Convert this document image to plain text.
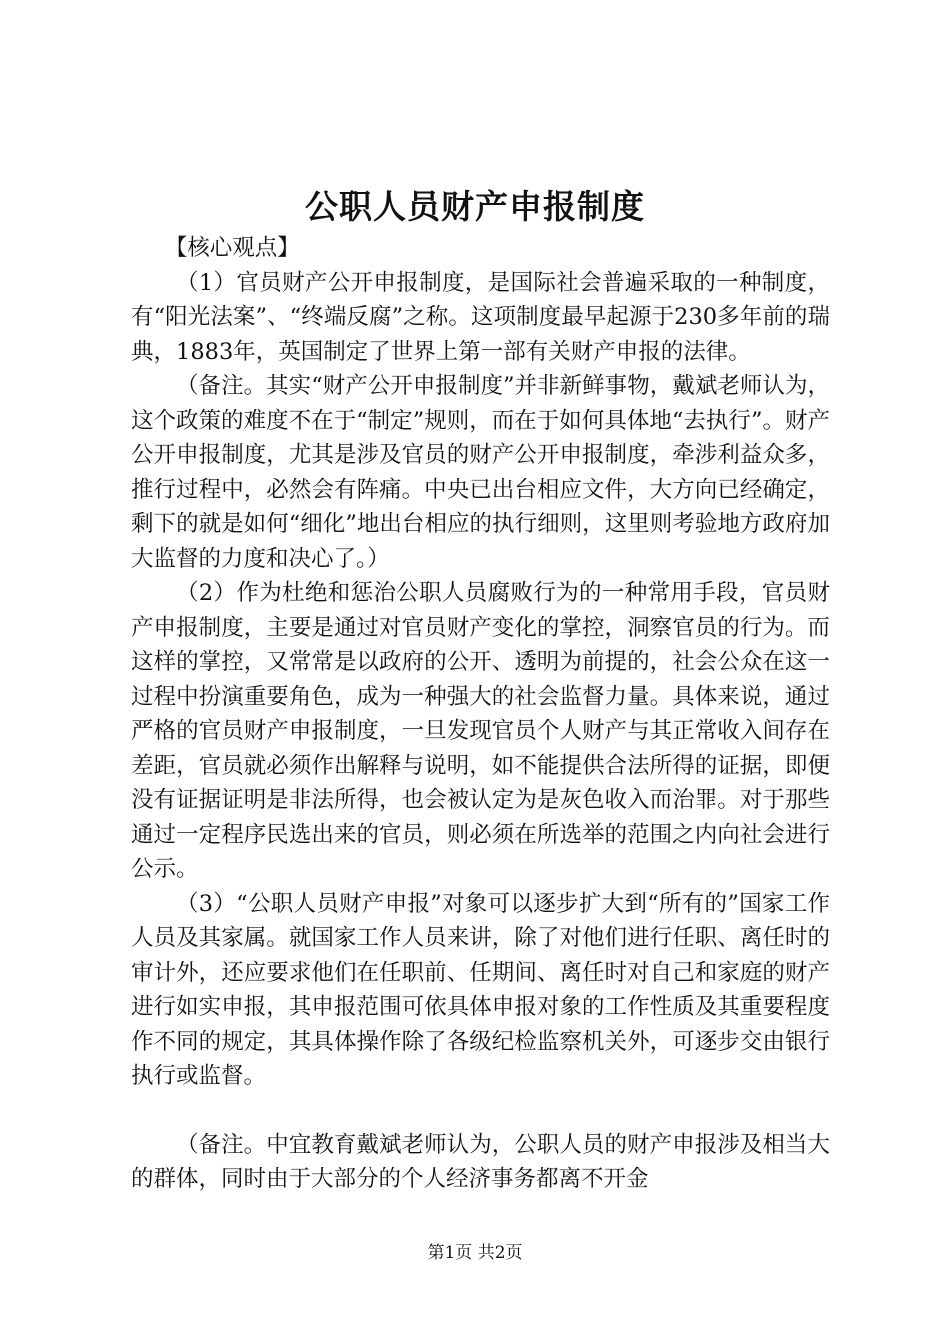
公职人员财产申报制度

【核心观点】

（1）官员财产公开申报制度，是国际社会普遍采取的一种制度，有“阳光法案”、“终端反腐”之称。这项制度最早起源于230多年前的瑞典，1883年，英国制定了世界上第一部有关财产申报的法律。

（备注。其实“财产公开申报制度”并非新鲜事物，戴斌老师认为，这个政策的难度不在于“制定”规则，而在于如何具体地“去执行”。财产公开申报制度，尤其是涉及官员的财产公开申报制度，牵涉利益众多，推行过程中，必然会有阵痛。中央已出台相应文件，大方向已经确定，剩下的就是如何“细化”地出台相应的执行细则，这里则考验地方政府加大监督的力度和决心了。）

（2）作为杜绝和惩治公职人员腐败行为的一种常用手段，官员财产申报制度，主要是通过对官员财产变化的掌控，洞察官员的行为。而这样的掌控，又常常是以政府的公开、透明为前提的，社会公众在这一过程中扮演重要角色，成为一种强大的社会监督力量。具体来说，通过严格的官员财产申报制度，一旦发现官员个人财产与其正常收入间存在差距，官员就必须作出解释与说明，如不能提供合法所得的证据，即便没有证据证明是非法所得，也会被认定为是灰色收入而治罪。对于那些通过一定程序民选出来的官员，则必须在所选举的范围之内向社会进行公示。

（3）“公职人员财产申报”对象可以逐步扩大到“所有的”国家工作人员及其家属。就国家工作人员来讲，除了对他们进行任职、离任时的审计外，还应要求他们在任职前、任期间、离任时对自己和家庭的财产进行如实申报，其申报范围可依具体申报对象的工作性质及其重要程度作不同的规定，其具体操作除了各级纪检监察机关外，可逐步交由银行执行或监督。

（备注。中宜教育戴斌老师认为，公职人员的财产申报涉及相当大的群体，同时由于大部分的个人经济事务都离不开金

第1页 共2页
